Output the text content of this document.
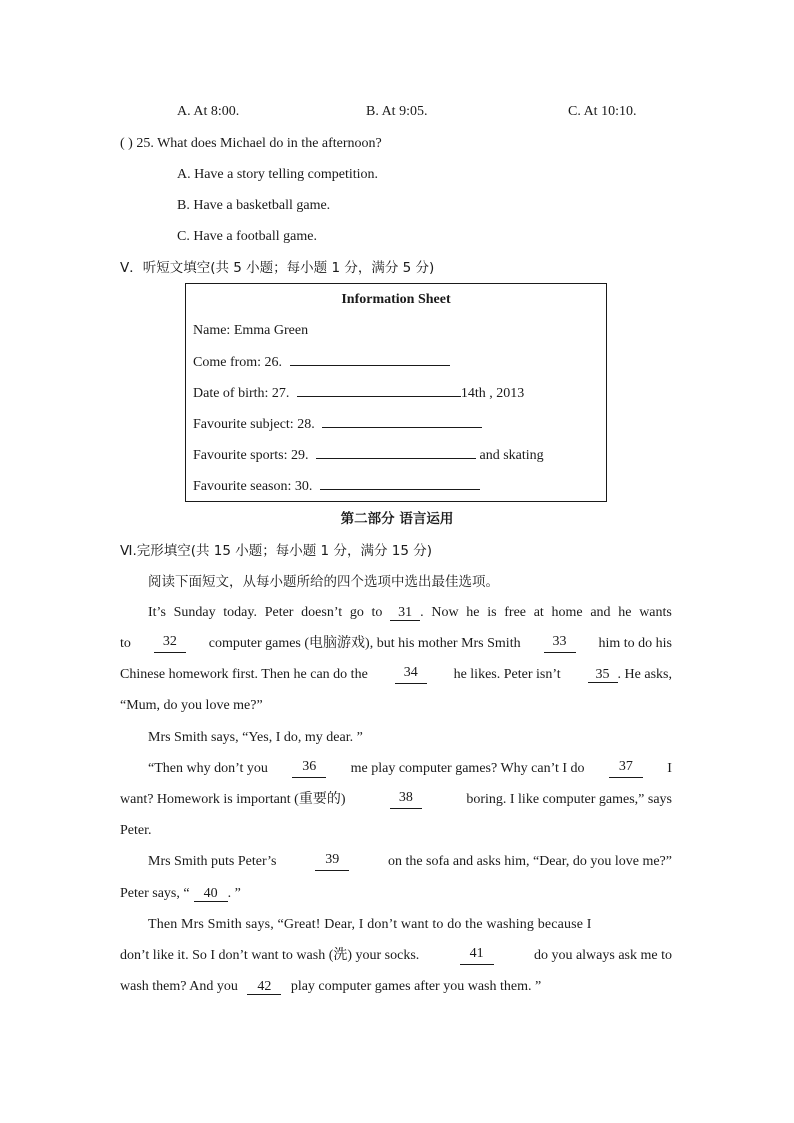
A. At 8:00.	B. At 9:05.	C. At 10:10.
( ) 25. What does Michael do in the afternoon?
A. Have a story telling competition.
B. Have a basketball game.
C. Have a football game.
Ⅴ．听短文填空(共 5 小题；每小题 1 分，满分 5 分)
Information Sheet
Name: Emma Green
Come from: 26.
Date of birth: 27.	14th , 2013
Favourite subject: 28.
Favourite sports: 29.	and skating
Favourite season: 30.
第二部分 语言运用
Ⅵ.完形填空(共 15 小题；每小题 1 分，满分 15 分)
阅读下面短文，从每小题所给的四个选项中选出最佳选项。
It’s Sunday today. Peter doesn’t go to	31 . Now he is free at home and he wants
to	32	computer games (电脑游戏), but his mother Mrs Smith	33	him to do his
Chinese homework first. Then he can do the	34	he likes. Peter isn’t	35 . He asks,
“Mum, do you love me?”
Mrs Smith says, “Yes, I do, my dear. ”
“Then why don’t you	36	me play computer games? Why can’t I do	37	I
want? Homework is important (重要的)	38	boring. I like computer games,” says
Peter.
Mrs Smith puts Peter’s	39	on the sofa and asks him, “Dear, do you love me?”
Peter says, “ 40 . ”
Then Mrs Smith says, “Great! Dear, I don’t want to do the washing because I
don’t like it. So I don’t want to wash (洗) your socks.	41	do you always ask me to
wash them? And you 42 play computer games after you wash them. ”
